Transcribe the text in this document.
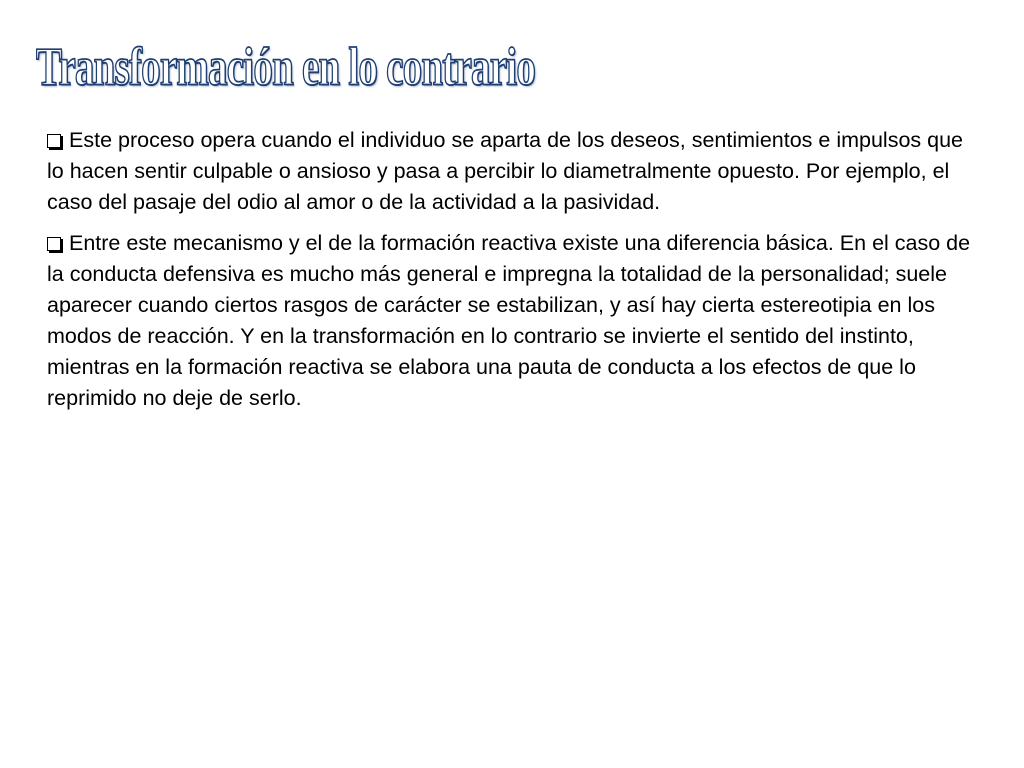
Transformación en lo contrario

Este proceso opera cuando el individuo se aparta de los deseos, sentimientos e impulsos que lo hacen sentir culpable o ansioso y pasa a percibir lo diametralmente opuesto. Por ejemplo, el caso del pasaje del odio al amor o de la actividad a la pasividad.

Entre este mecanismo y el de la formación reactiva existe una diferencia básica. En el caso de la conducta defensiva es mucho más general e impregna la totalidad de la personalidad; suele aparecer cuando ciertos rasgos de carácter se estabilizan, y así hay cierta estereotipia en los modos de reacción. Y en la transformación en lo contrario se invierte el sentido del instinto, mientras en la formación reactiva se elabora una pauta de conducta a los efectos de que lo reprimido no deje de serlo.
